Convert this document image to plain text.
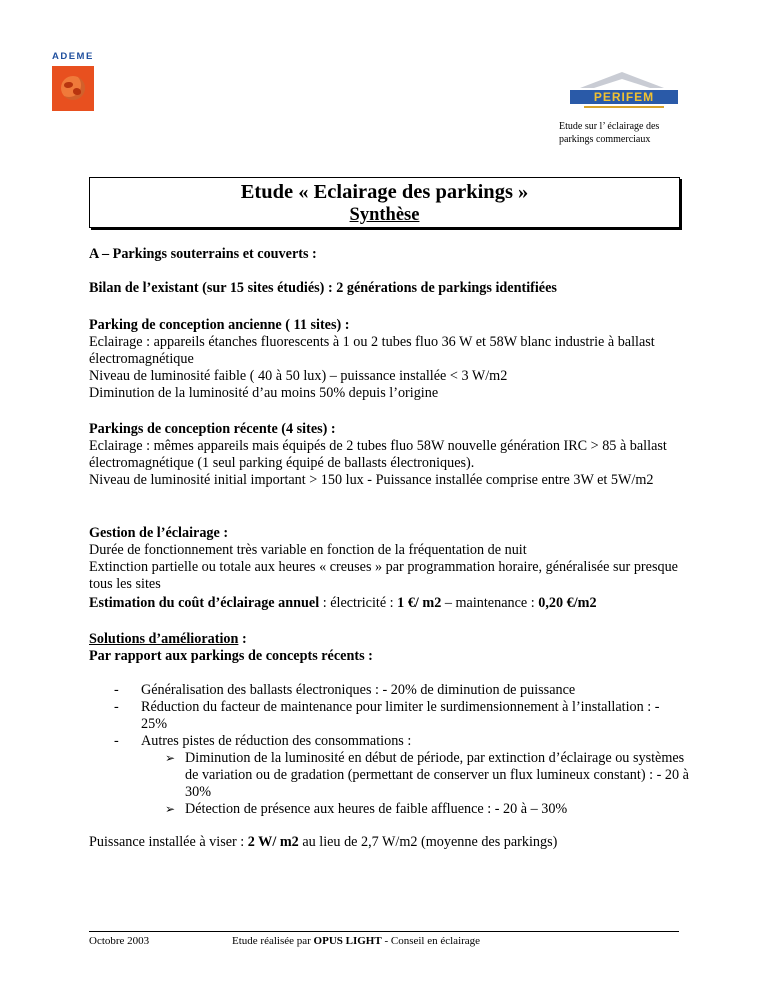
ADEME
PERIFEM
Etude sur l’ éclairage des parkings commerciaux
Etude « Eclairage des parkings »
Synthèse

A – Parkings souterrains et couverts :

Bilan de l’existant (sur 15 sites étudiés) : 2 générations de parkings identifiées

Parking de conception ancienne ( 11 sites) :

Eclairage : appareils étanches fluorescents à 1 ou 2 tubes fluo 36 W et 58W blanc industrie à ballast électromagnétique

Niveau de luminosité faible ( 40 à 50 lux) – puissance installée < 3 W/m2

Diminution de la luminosité d’au moins 50% depuis l’origine

Parkings de conception récente (4 sites) :

Eclairage : mêmes appareils mais équipés de 2 tubes fluo 58W nouvelle génération IRC > 85 à ballast électromagnétique (1 seul parking équipé de ballasts électroniques).

Niveau de luminosité initial important > 150 lux - Puissance installée comprise entre 3W et 5W/m2

Gestion de l’éclairage :

Durée de fonctionnement très variable en fonction de la fréquentation de nuit

Extinction partielle ou totale aux heures « creuses » par programmation horaire, généralisée sur presque tous les sites

Estimation du coût d’éclairage annuel : électricité : 1 €/ m2 – maintenance : 0,20 €/m2

Solutions d’amélioration :

Par rapport aux parkings de concepts récents :

- Généralisation des ballasts électroniques : - 20% de diminution de puissance
- Réduction du facteur de maintenance pour limiter le surdimensionnement à l’installation : - 25%
- Autres pistes de réduction des consommations :
➢ Diminution de la luminosité en début de période, par extinction d’éclairage ou systèmes de variation ou de gradation (permettant de conserver un flux lumineux constant) : - 20 à 30%
➢ Détection de présence aux heures de faible affluence : - 20 à – 30%

Puissance installée à viser : 2 W/ m2 au lieu de 2,7 W/m2 (moyenne des parkings)

Octobre 2003	Etude réalisée par OPUS LIGHT - Conseil en éclairage
